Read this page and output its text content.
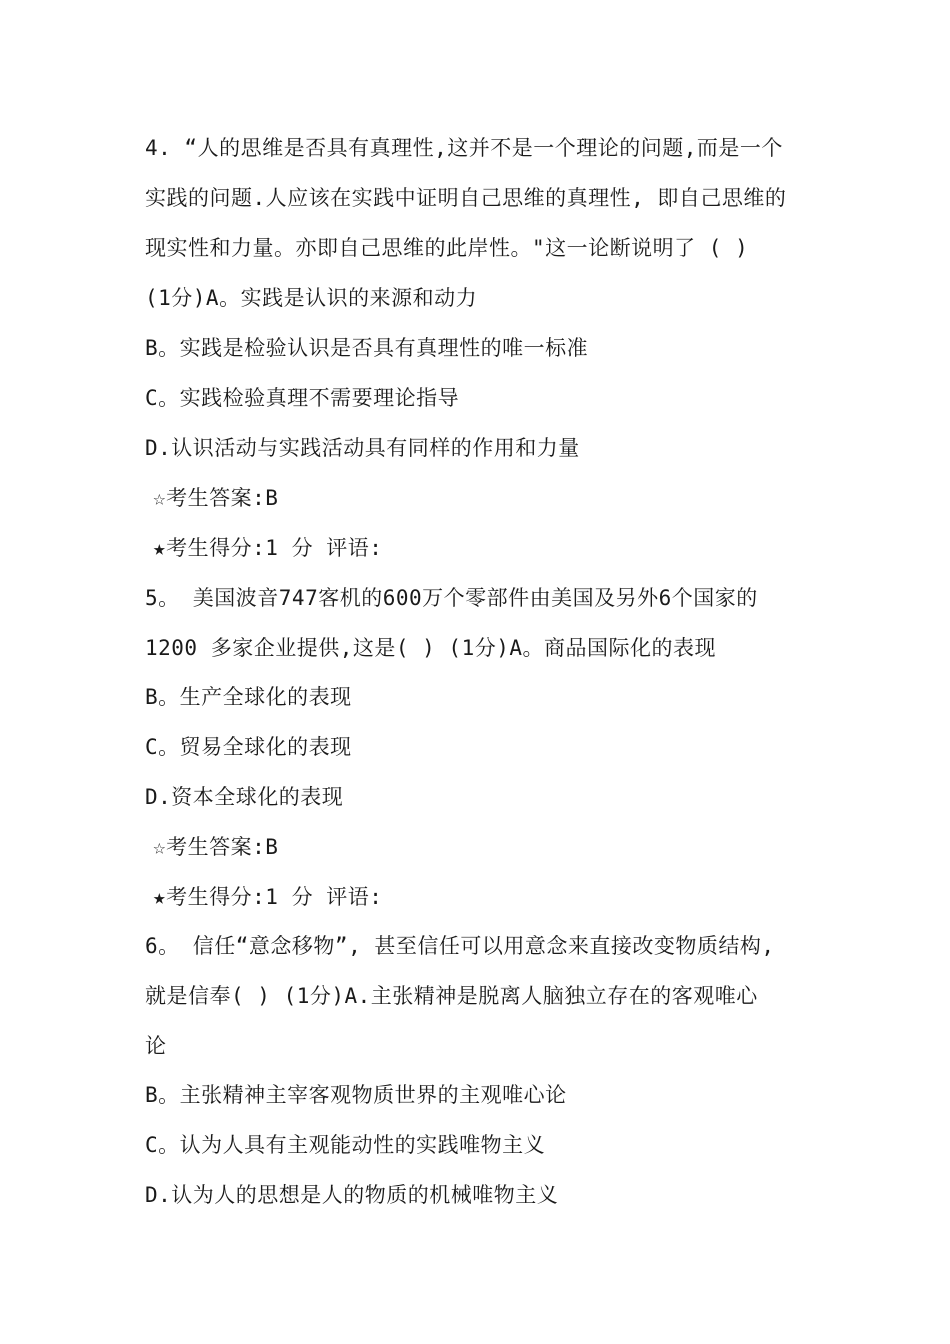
4. “人的思维是否具有真理性,这并不是一个理论的问题,而是一个
实践的问题.人应该在实践中证明自己思维的真理性, 即自己思维的
现实性和力量。亦即自己思维的此岸性。"这一论断说明了 ( )
(1分)A。实践是认识的来源和动力
B。实践是检验认识是否具有真理性的唯一标准
C。实践检验真理不需要理论指导
D.认识活动与实践活动具有同样的作用和力量
☆考生答案:B
★考生得分:1 分 评语:
5。 美国波音747客机的600万个零部件由美国及另外6个国家的
1200 多家企业提供,这是( ) (1分)A。商品国际化的表现
B。生产全球化的表现
C。贸易全球化的表现
D.资本全球化的表现
☆考生答案:B
★考生得分:1 分 评语:
6。 信任“意念移物”, 甚至信任可以用意念来直接改变物质结构,
就是信奉( ) (1分)A.主张精神是脱离人脑独立存在的客观唯心
论
B。主张精神主宰客观物质世界的主观唯心论
C。认为人具有主观能动性的实践唯物主义
D.认为人的思想是人的物质的机械唯物主义
